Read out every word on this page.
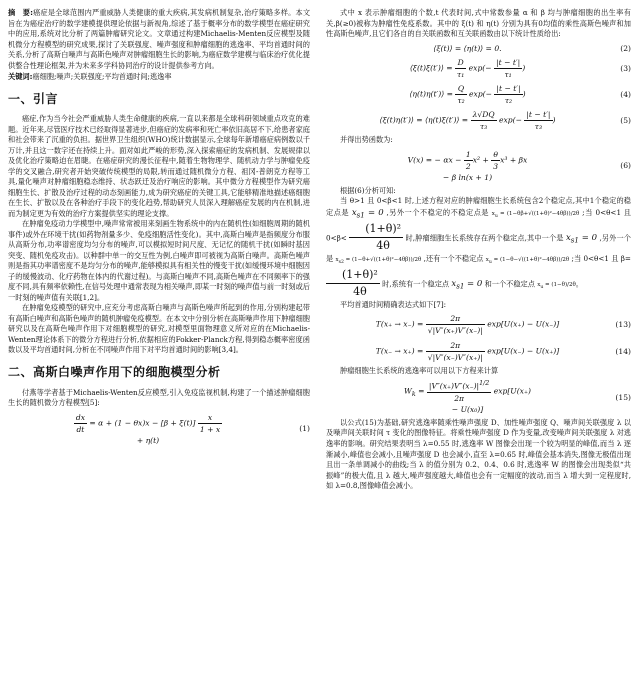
摘　要:癌症是全球范围内严重威胁人类健康的重大疾病,其发病机制复杂,治疗策略多样。本文旨在为癌症治疗的数学建模提供理论依据与新视角,综述了基于概率分布的数学模型在癌症研究中的应用,系统对比分析了两篇肿瘤研究论文。文章通过构建Michaelis-Menten反应模型及随机微分方程模型的研究成果,探讨了关联强度、噪声强度和肿瘤细胞的逃逸率、平均首通时间的关系,分析了高斯白噪声与高斯色噪声对肿瘤细胞生长的影响,为癌症数学建模与临床治疗优化提供整合性理论框架,并为未来多学科协同治疗的设计提供参考方向。

关键词:癌细胞;噪声;关联强度;平均首通时间;逃逸率

一、引言

癌症,作为当今社会严重威胁人类生命健康的疾病,一直以来都是全球科研领域重点攻克的难题。近年来,尽管医疗技术已经取得显著进步,但癌症的发病率和死亡率依旧高居不下,给患者家庭和社会带来了沉重的负担。据世界卫生组织(WHO)统计数据显示,全球每年新增癌症病例数以千万计,并且这一数字还在持续上升。面对如此严峻的形势,深入探索癌症的发病机制、发展规律以及优化治疗策略迫在眉睫。在癌症研究的漫长征程中,随着生物物理学、随机动力学与肿瘤免疫学的交叉融合,研究者开始突破传统模型的局限,转而通过随机微分方程、祖冈-普朗克方程等工具,量化噪声对肿瘤细胞稳态维持、状态跃迁及治疗响应的影响。其中微分方程模型作为研究癌细胞生长、扩散及治疗过程的动态刻画能力,成为研究癌症的关键工具,它能够精准地描述癌细胞在生长、扩散以及在各种治疗手段下的变化趋势,帮助研究人员深入理解癌症发展的内在机制,进而为制定更为有效的治疗方案提供坚实的理论支撑。

在肿瘤免疫动力学模型中,噪声常常被用来刻画生物系统中的内在随机性(如细胞周期的随机事件)或外在环境干扰(如药物剂量多少、免疫细胞活性变化)。其中,高斯白噪声是指频度分布服从高斯分布,功率谱密度均匀分布的噪声,可以模拟短时间尺度、无记忆的随机干扰(如瞬时基因突变、随机免疫攻击)。以种群中单一的交互性为例,白噪声即可被视为高斯白噪声。高斯色噪声则是指其功率谱密度不是均匀分布的噪声,能够模拟具有相关性的慢变干扰(如缓慢环境中细胞因子的缓慢波动、化疗药物在体内的代谢过程)。与高斯白噪声不同,高斯色噪声在不同频率下的强度不同,具有频率依赖性,在信号处理中通常表现为相关噪声,即某一时刻的噪声值与前一时刻或后一时刻的噪声值有关联[1,2]。

在肿瘤免疫模型的研究中,应充分考虑高斯白噪声与高斯色噪声所起到的作用,分别构建起带有高斯白噪声和高斯色噪声的随机肿瘤免疫模型。在本文中分别分析在高斯噪声作用下肿瘤细胞研究以及在高斯色噪声作用下对细胞模型的研究,对模型里面物理意义所对应的在Michaelis-Wenten理论体系下的微分方程进行分析,依据相应的Fokker-Planck方程,得到稳态概率密度函数以及平均首通时间,分析在不同噪声作用下对平均首通时间的影响[3,4]。

二、高斯白噪声作用下的细胞模型分析

付燕等学者基于Michaelis-Wenten反应模型,引入免疫监视机制,构建了一个描述肿瘤细胞生长的随机微分方程模型[5]:

$\frac{dx}{dt} = \alpha + (1 - \theta x)x - [\beta + \xi(t)] \frac{x}{1 + x}$

+ η(t)
(1)

式中 x 表示肿瘤细胞的个数,t 代表时间,式中常数参量 α 和 β 均与肿瘤细胞的出生率有关,β(≥0)被称为肿瘤性免疫系数。其中的 ξ(t) 和 η(t) 分别为具有0均值的乘性高斯色噪声和加性高斯色噪声,且它们各自的自关联函数和互关联函数由以下统计性质给出:

⟨ξ(t)⟩ = ⟨η(t)⟩ = 0.	(2)
⟨ξ(t)ξ(t′)⟩ = $\frac{D}{\text{τ₁}} \exp(- \frac{|t - t'|}{\text{τ₁}}$ )	(3)
⟨η(t)η(t′)⟩ = $\frac{Q}{\text{τ₂}} \exp(- \frac{|t - t'|}{\text{τ₂}}$ )	(4)
⟨ξ(t)η(t′)⟩ = ⟨η(t)ξ(t′)⟩ = $\frac{\lambda√DQ}{\text{τ₃}} \exp(- \frac{|t - t'|}{\text{τ₃}}$ )	(5)

并得出势函数为:

V(x) = − $\alpha x - \frac{1}{2} x^2 + \frac{\theta}{3} x^3 + \beta x$
− β ln(x + 1)
(6)

根据(6)分析可知:

当 θ>1 且 0<β<1 时,上述方程对应的肿瘤细胞生长系统包含2个稳定点,其中1个稳定的稳定点是 $x_{s1} = 0$ ,另外一个不稳定的不稳定点是 $x_u = (1-\theta\beta+√((1+\theta)^2-4\theta\beta))/2\theta$ ;当 0<θ<1 且 $0<\beta< \frac{\text{(1+θ)²}}{4\theta}$ 时,肿瘤细胞生长系统存在两个稳定点,其中一个是 $x_{s1} = 0$ ,另外一个是 $x_{s2} = (1-\theta+√((1+\theta)^2-4\theta\beta))/2\theta$ ,还有一个不稳定点 $x_u = (1-\theta-√((1+\theta)^2-4\theta\beta))/2\theta$ ;当 0<θ<1 且 β=
$\frac{\text{(1+θ)²}}{4\theta}$ 时,系统有一个稳定点 $x_{s1} = 0$ 和一个不稳定点 $x_u = (1-\theta)/2\theta$。

平均首通时间精确表达式如下[7]:

$T(x_+ \to x_-) = \frac{2\pi}{√|V''(x_+)V''(x_-)|} \exp[U(x_+) - U(x_-)]$	(13)
$T(x_- \to x_+) = \frac{2\pi}{√|V''(x_-)V''(x_+)|} \exp[U(x_-) - U(x_+)]$	(14)

肿瘤细胞生长系统的逃逸率可以用以下方程来计算

$W_k = \frac{|V''(x_+)V''(x_-)|^{1/2}}{2\pi} \exp[U(x_+)$
− U(x₀)]
(15)

以公式(15)为基础,研究逃逸率随乘性噪声强度 D、加性噪声强度 Q、噪声间关联强度 λ 以及噪声间关联时间 τ 变化的图像特征。将乘性噪声强度 D 作为变量,改变噪声间关联强度 λ 对逃逸率的影响。研究结果表明当 λ=0.55 时,逃逸率 W 图像会出现一个较为明显的峰值,而当 λ 逐渐减小,峰值也会减小,且噪声强度 D 也会减小,直至 λ=0.65 时,峰值会基本消失,图像无极值出现且出一条单调减小的曲线;当 λ 的值分别为 0.2、0.4、0.6 时,逃逸率 W 的图像会出现类似“共振峰”的极大值,且 λ 越大,噪声强度越大,峰值也会有一定幅度的波动,而当 λ 增大到一定程度时,如 λ=0.8,图像峰值会减小。
